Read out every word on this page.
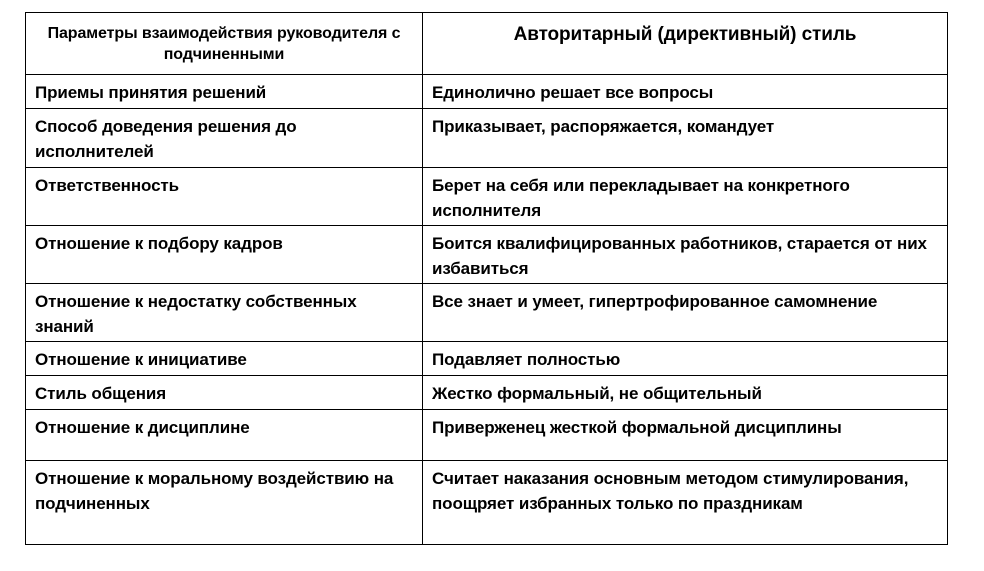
Параметры взаимодействия руководителя с подчиненными	Авторитарный (директивный) стиль

Приемы принятия решений	Единолично решает все вопросы

Способ доведения решения до исполнителей	Приказывает, распоряжается, командует

Ответственность	Берет на себя или перекладывает на конкретного исполнителя

Отношение к подбору кадров	Боится квалифицированных работников, старается от них избавиться

Отношение к недостатку собственных знаний	Все знает и умеет, гипертрофированное самомнение

Отношение к инициативе	Подавляет полностью

Стиль общения	Жестко формальный, не общительный

Отношение к дисциплине	Приверженец жесткой формальной дисциплины

Отношение к моральному воздействию на подчиненных	Считает наказания основным методом стимулирования, поощряет избранных только по праздникам
